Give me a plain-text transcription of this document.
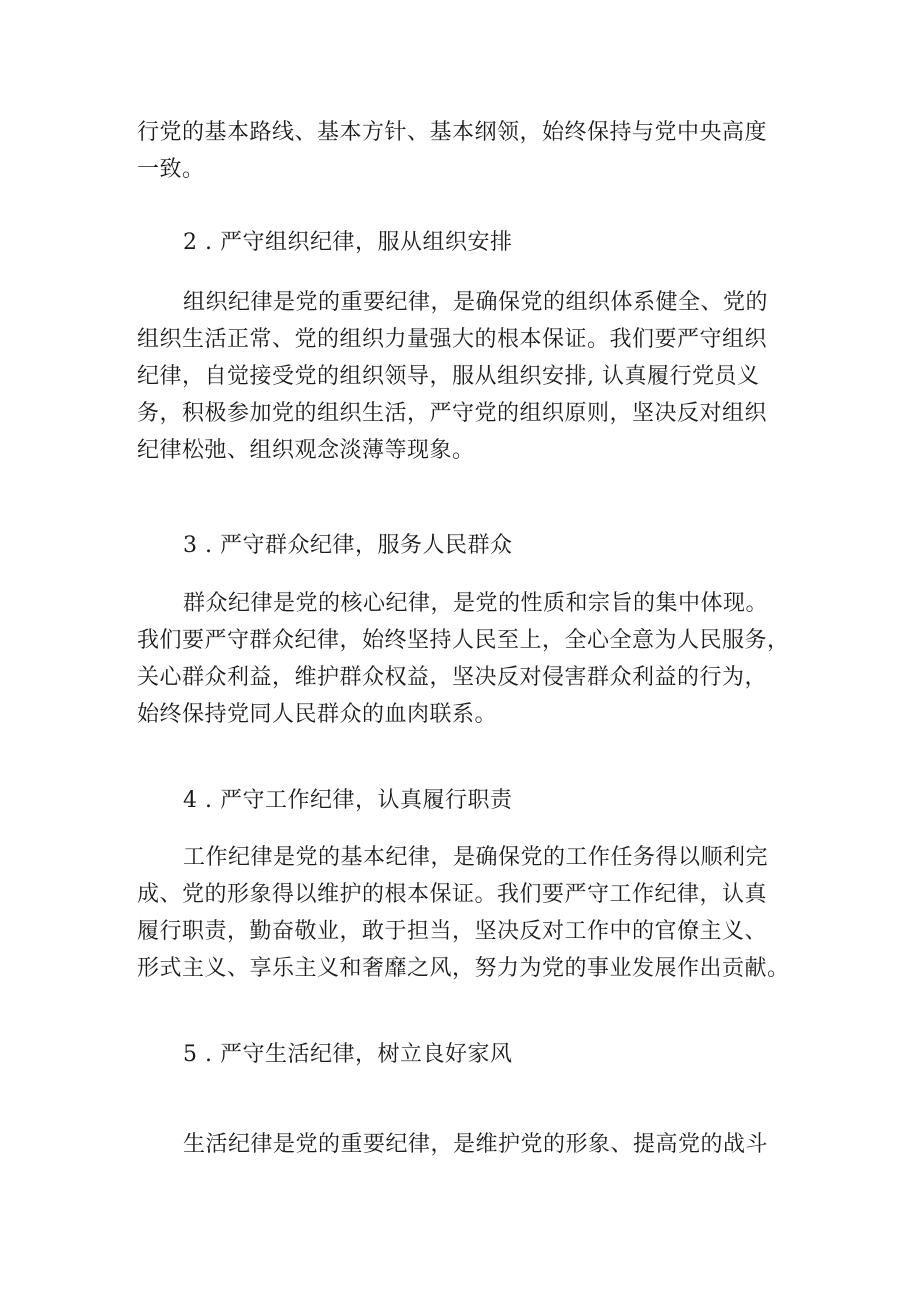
行党的基本路线、基本方针、基本纲领，始终保持与党中央高度
一致。
2 . 严守组织纪律，服从组织安排
组织纪律是党的重要纪律，是确保党的组织体系健全、党的
组织生活正常、党的组织力量强大的根本保证。我们要严守组织
纪律，自觉接受党的组织领导，服从组织安排, 认真履行党员义
务，积极参加党的组织生活，严守党的组织原则，坚决反对组织
纪律松弛、组织观念淡薄等现象。
3 . 严守群众纪律，服务人民群众
群众纪律是党的核心纪律，是党的性质和宗旨的集中体现。
我们要严守群众纪律，始终坚持人民至上，全心全意为人民服务，
关心群众利益，维护群众权益，坚决反对侵害群众利益的行为，
始终保持党同人民群众的血肉联系。
4 . 严守工作纪律，认真履行职责
工作纪律是党的基本纪律，是确保党的工作任务得以顺利完
成、党的形象得以维护的根本保证。我们要严守工作纪律，认真
履行职责，勤奋敬业，敢于担当，坚决反对工作中的官僚主义、
形式主义、享乐主义和奢靡之风，努力为党的事业发展作出贡献。
5 . 严守生活纪律，树立良好家风
生活纪律是党的重要纪律，是维护党的形象、提高党的战斗
